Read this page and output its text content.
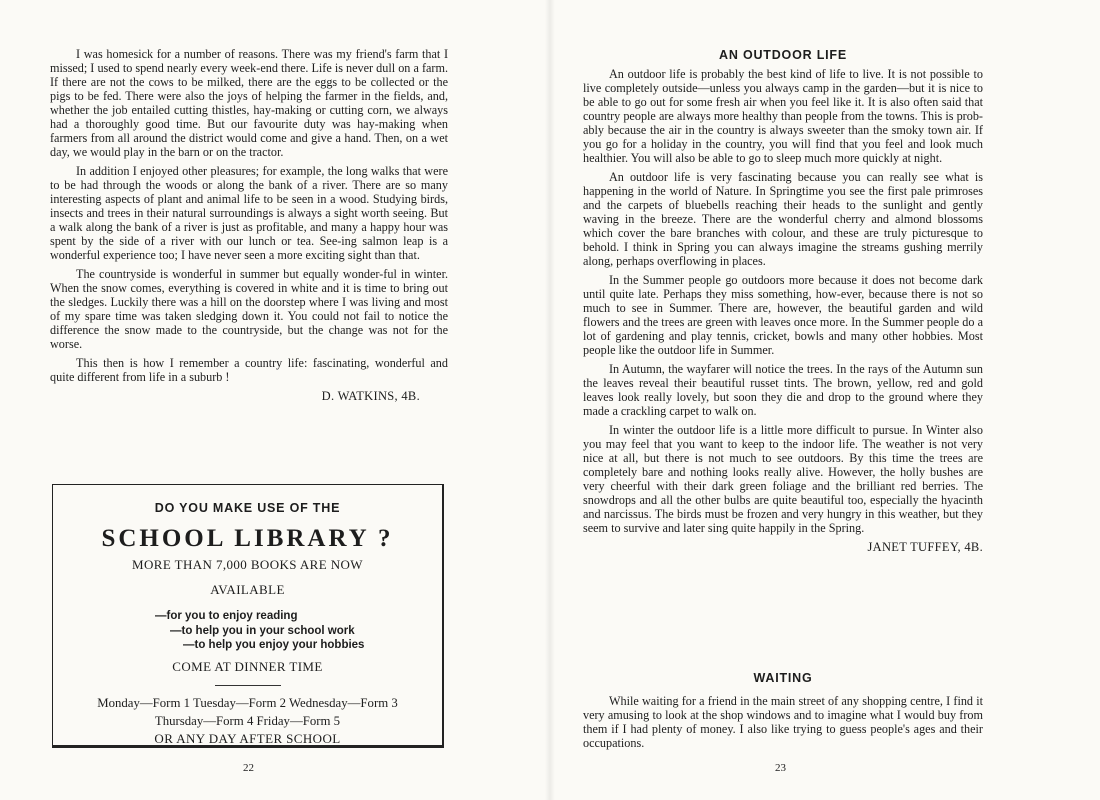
I was homesick for a number of reasons. There was my friend's farm that I missed; I used to spend nearly every week-end there. Life is never dull on a farm. If there are not the cows to be milked, there are the eggs to be collected or the pigs to be fed. There were also the joys of helping the farmer in the fields, and, whether the job entailed cutting thistles, hay-making or cutting corn, we always had a thoroughly good time. But our favourite duty was hay-making when farmers from all around the district would come and give a hand. Then, on a wet day, we would play in the barn or on the tractor.

In addition I enjoyed other pleasures; for example, the long walks that were to be had through the woods or along the bank of a river. There are so many interesting aspects of plant and animal life to be seen in a wood. Studying birds, insects and trees in their natural surroundings is always a sight worth seeing. But a walk along the bank of a river is just as profitable, and many a happy hour was spent by the side of a river with our lunch or tea. See-ing salmon leap is a wonderful experience too; I have never seen a more exciting sight than that.

The countryside is wonderful in summer but equally wonder-ful in winter. When the snow comes, everything is covered in white and it is time to bring out the sledges. Luckily there was a hill on the doorstep where I was living and most of my spare time was taken sledging down it. You could not fail to notice the difference the snow made to the countryside, but the change was not for the worse.

This then is how I remember a country life: fascinating, wonderful and quite different from life in a suburb !

D. WATKINS, 4B.

DO YOU MAKE USE OF THE
SCHOOL LIBRARY ?
MORE THAN 7,000 BOOKS ARE NOW
AVAILABLE
—for you to enjoy reading
—to help you in your school work
—to help you enjoy your hobbies
COME AT DINNER TIME
Monday—Form 1 Tuesday—Form 2 Wednesday—Form 3
Thursday—Form 4 Friday—Form 5
OR ANY DAY AFTER SCHOOL
22
AN OUTDOOR LIFE

An outdoor life is probably the best kind of life to live. It is not possible to live completely outside—unless you always camp in the garden—but it is nice to be able to go out for some fresh air when you feel like it. It is also often said that country people are always more healthy than people from the towns. This is prob-ably because the air in the country is always sweeter than the smoky town air. If you go for a holiday in the country, you will find that you feel and look much healthier. You will also be able to go to sleep much more quickly at night.

An outdoor life is very fascinating because you can really see what is happening in the world of Nature. In Springtime you see the first pale primroses and the carpets of bluebells reaching their heads to the sunlight and gently waving in the breeze. There are the wonderful cherry and almond blossoms which cover the bare branches with colour, and these are truly picturesque to behold. I think in Spring you can always imagine the streams gushing merrily along, perhaps overflowing in places.

In the Summer people go outdoors more because it does not become dark until quite late. Perhaps they miss something, how-ever, because there is not so much to see in Summer. There are, however, the beautiful garden and wild flowers and the trees are green with leaves once more. In the Summer people do a lot of gardening and play tennis, cricket, bowls and many other hobbies. Most people like the outdoor life in Summer.

In Autumn, the wayfarer will notice the trees. In the rays of the Autumn sun the leaves reveal their beautiful russet tints. The brown, yellow, red and gold leaves look really lovely, but soon they die and drop to the ground where they made a crackling carpet to walk on.

In winter the outdoor life is a little more difficult to pursue. In Winter also you may feel that you want to keep to the indoor life. The weather is not very nice at all, but there is not much to see outdoors. By this time the trees are completely bare and nothing looks really alive. However, the holly bushes are very cheerful with their dark green foliage and the brilliant red berries. The snowdrops and all the other bulbs are quite beautiful too, especially the hyacinth and narcissus. The birds must be frozen and very hungry in this weather, but they seem to survive and later sing quite happily in the Spring.

JANET TUFFEY, 4B.

WAITING

While waiting for a friend in the main street of any shopping centre, I find it very amusing to look at the shop windows and to imagine what I would buy from them if I had plenty of money. I also like trying to guess people's ages and their occupations.

23
